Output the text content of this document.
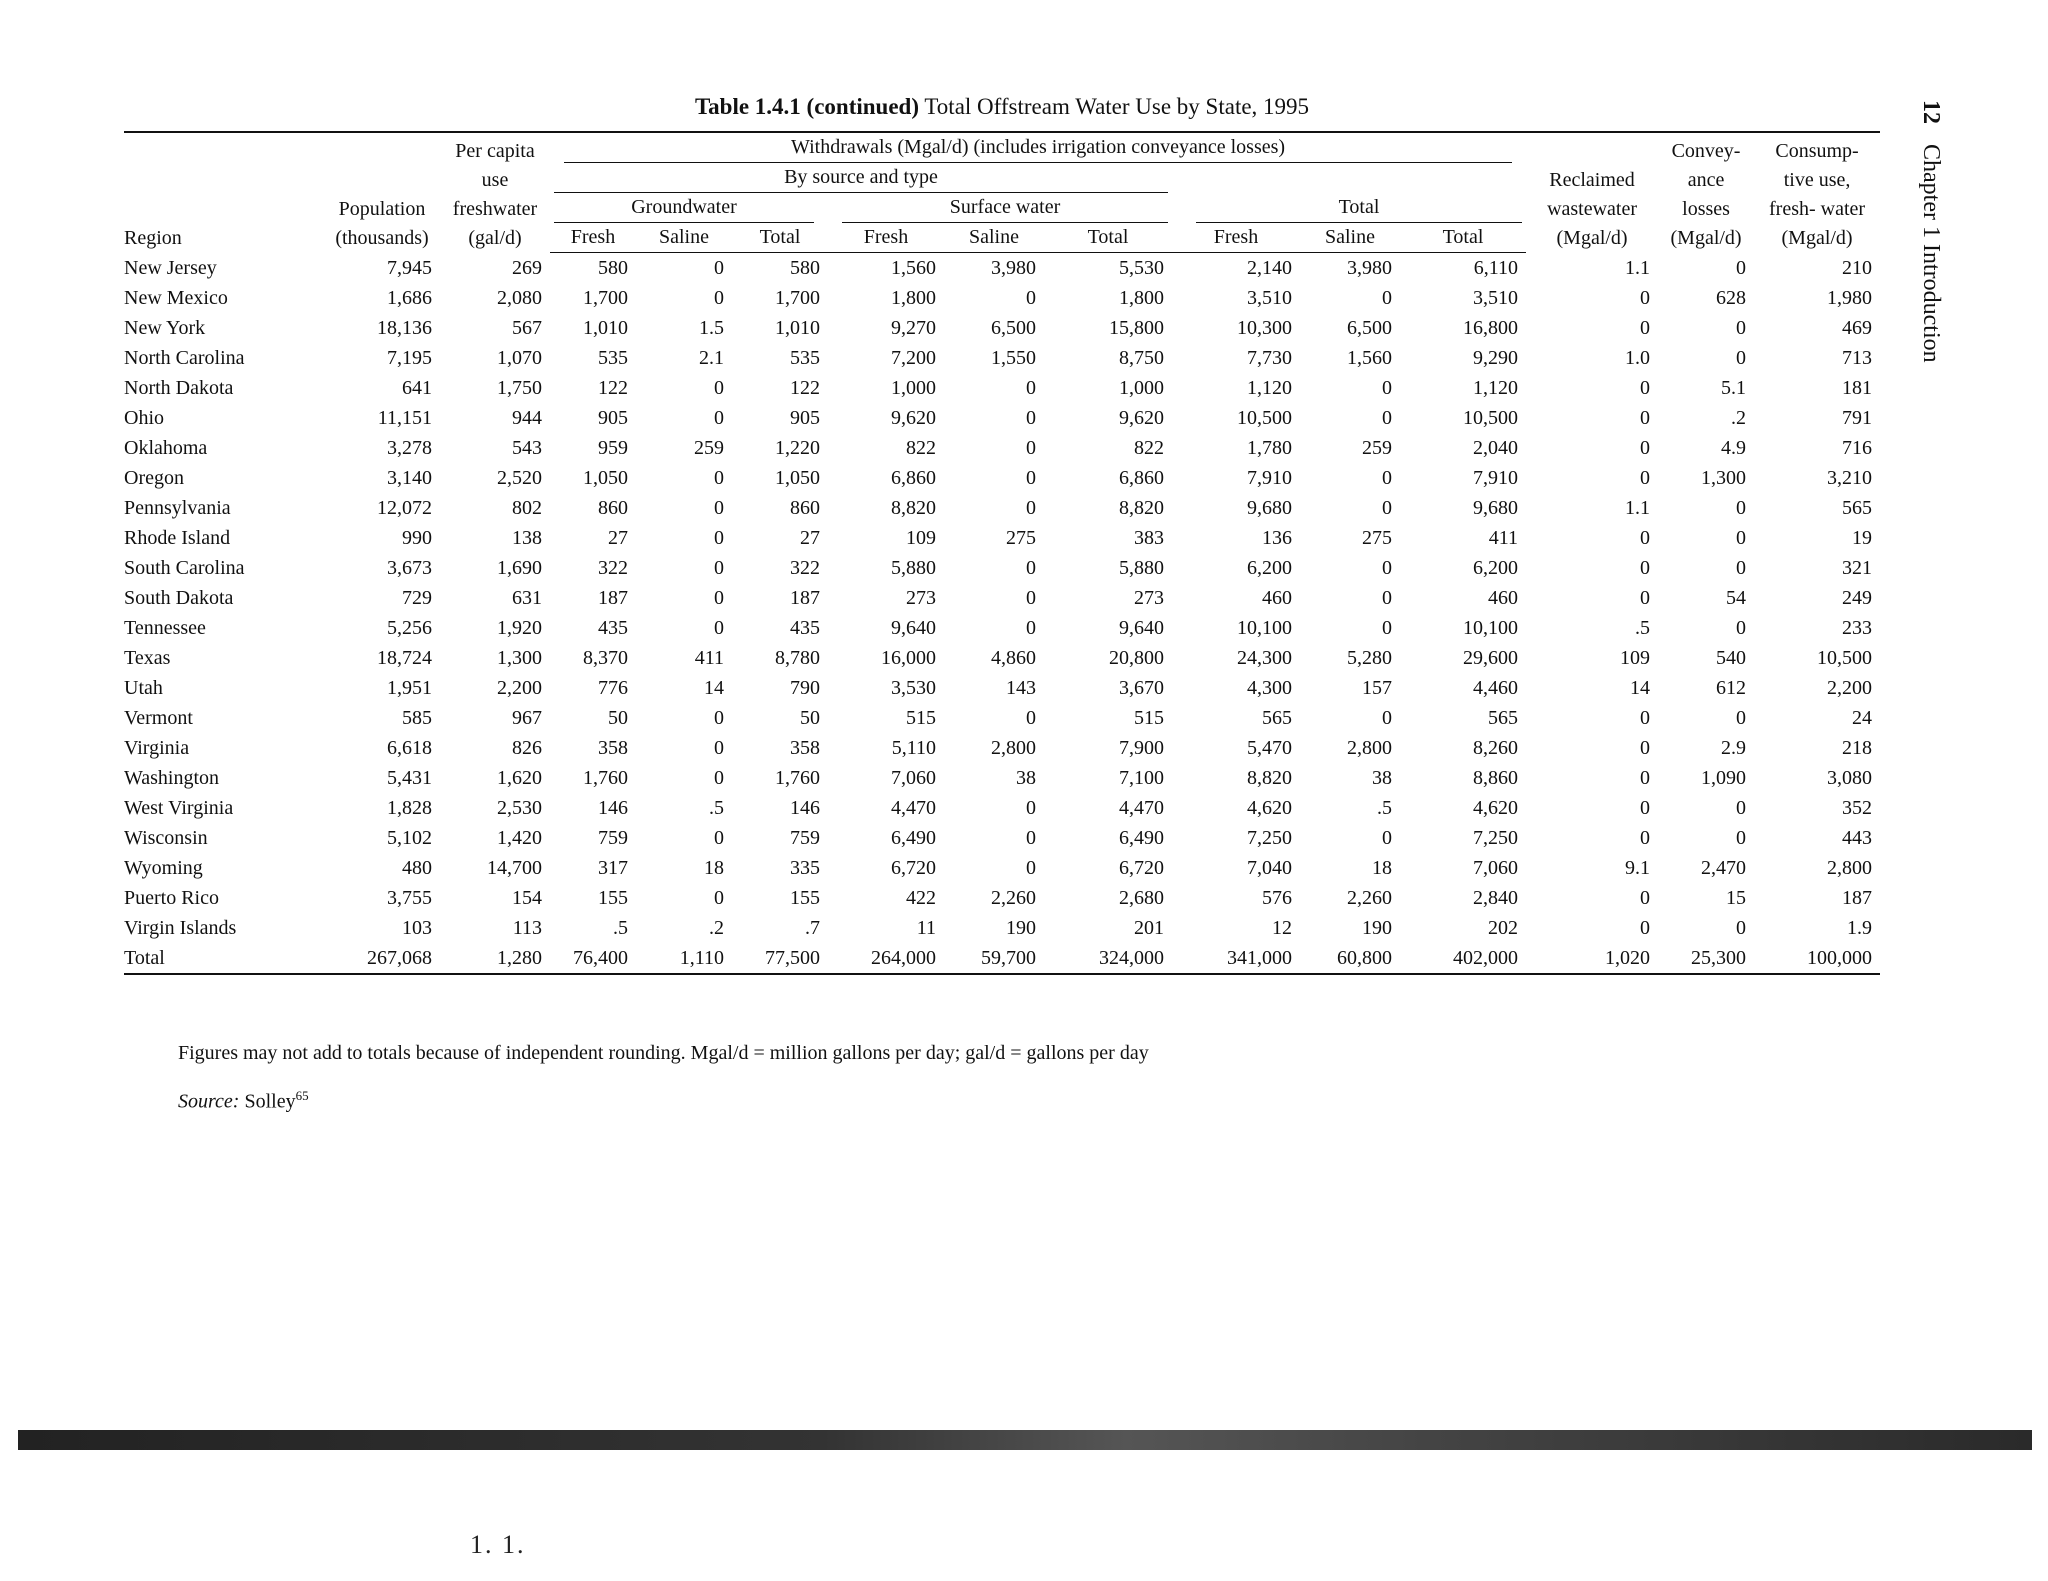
Table 1.4.1 (continued) Total Offstream Water Use by State, 1995	12 Chapter 1 Introduction
Region	Population (thousands)	Per capita use freshwater (gal/d)	Withdrawals (Mgal/d) (includes irrigation conveyance losses)									Reclaimed wastewater (Mgal/d)	Convey- ance losses (Mgal/d)	Consump- tive use, fresh- water (Mgal/d)

			By source and type						Total					

			Groundwater			Surface water								

			Fresh	Saline	Total	Fresh	Saline	Total	Fresh	Saline	Total			
New Jersey	7,945	269	580	0	580	1,560	3,980	5,530	2,140	3,980	6,110	1.1	0	210
New Mexico	1,686	2,080	1,700	0	1,700	1,800	0	1,800	3,510	0	3,510	0	628	1,980
New York	18,136	567	1,010	1.5	1,010	9,270	6,500	15,800	10,300	6,500	16,800	0	0	469
North Carolina	7,195	1,070	535	2.1	535	7,200	1,550	8,750	7,730	1,560	9,290	1.0	0	713
North Dakota	641	1,750	122	0	122	1,000	0	1,000	1,120	0	1,120	0	5.1	181
Ohio	11,151	944	905	0	905	9,620	0	9,620	10,500	0	10,500	0	.2	791
Oklahoma	3,278	543	959	259	1,220	822	0	822	1,780	259	2,040	0	4.9	716
Oregon	3,140	2,520	1,050	0	1,050	6,860	0	6,860	7,910	0	7,910	0	1,300	3,210
Pennsylvania	12,072	802	860	0	860	8,820	0	8,820	9,680	0	9,680	1.1	0	565
Rhode Island	990	138	27	0	27	109	275	383	136	275	411	0	0	19
South Carolina	3,673	1,690	322	0	322	5,880	0	5,880	6,200	0	6,200	0	0	321
South Dakota	729	631	187	0	187	273	0	273	460	0	460	0	54	249
Tennessee	5,256	1,920	435	0	435	9,640	0	9,640	10,100	0	10,100	.5	0	233
Texas	18,724	1,300	8,370	411	8,780	16,000	4,860	20,800	24,300	5,280	29,600	109	540	10,500
Utah	1,951	2,200	776	14	790	3,530	143	3,670	4,300	157	4,460	14	612	2,200
Vermont	585	967	50	0	50	515	0	515	565	0	565	0	0	24
Virginia	6,618	826	358	0	358	5,110	2,800	7,900	5,470	2,800	8,260	0	2.9	218
Washington	5,431	1,620	1,760	0	1,760	7,060	38	7,100	8,820	38	8,860	0	1,090	3,080
West Virginia	1,828	2,530	146	.5	146	4,470	0	4,470	4,620	.5	4,620	0	0	352
Wisconsin	5,102	1,420	759	0	759	6,490	0	6,490	7,250	0	7,250	0	0	443
Wyoming	480	14,700	317	18	335	6,720	0	6,720	7,040	18	7,060	9.1	2,470	2,800
Puerto Rico	3,755	154	155	0	155	422	2,260	2,680	576	2,260	2,840	0	15	187
Virgin Islands	103	113	.5	.2	.7	11	190	201	12	190	202	0	0	1.9
Total	267,068	1,280	76,400	1,110	77,500	264,000	59,700	324,000	341,000	60,800	402,000	1,020	25,300	100,000
Figures may not add to totals because of independent rounding. Mgal/d = million gallons per day; gal/d = gallons per day
Source: Solley$^{65}$
1. 1.
